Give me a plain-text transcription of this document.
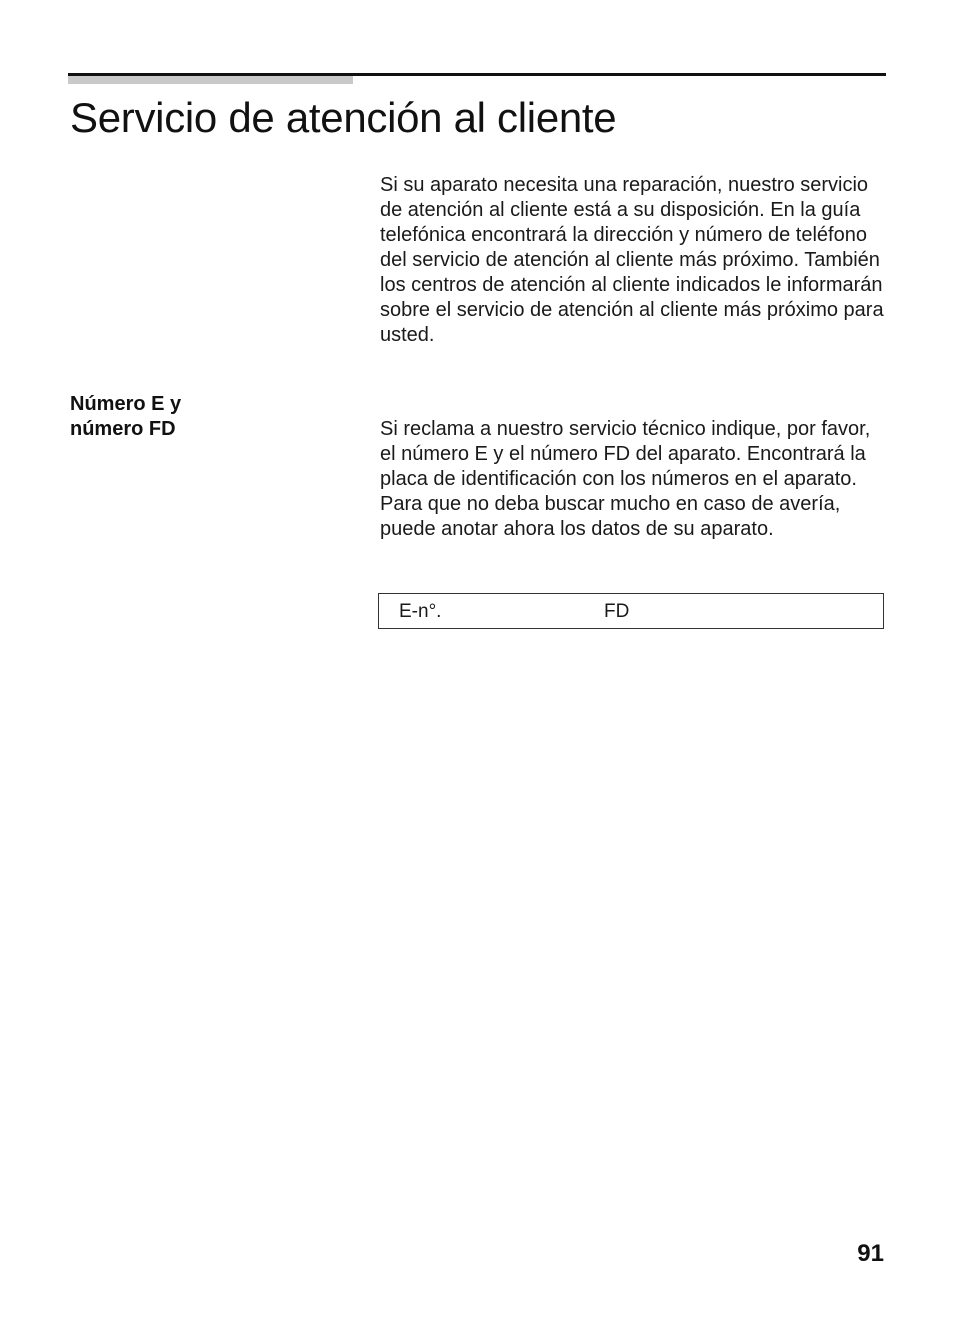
Servicio de atención al cliente

Si su aparato necesita una reparación, nuestro servicio de atención al cliente está a su disposición. En la guía telefónica encontrará la dirección y número de teléfono del servicio de atención al cliente más próximo. También los centros de atención al cliente indicados le informarán sobre el servicio de atención al cliente más próximo para usted.

Número E y
número FD	Si reclama a nuestro servicio técnico indique, por favor, el número E y el número FD del aparato. Encontrará la placa de identificación con los números en el aparato. Para que no deba buscar mucho en caso de avería, puede anotar ahora los datos de su aparato.

E-n°.	FD
91
